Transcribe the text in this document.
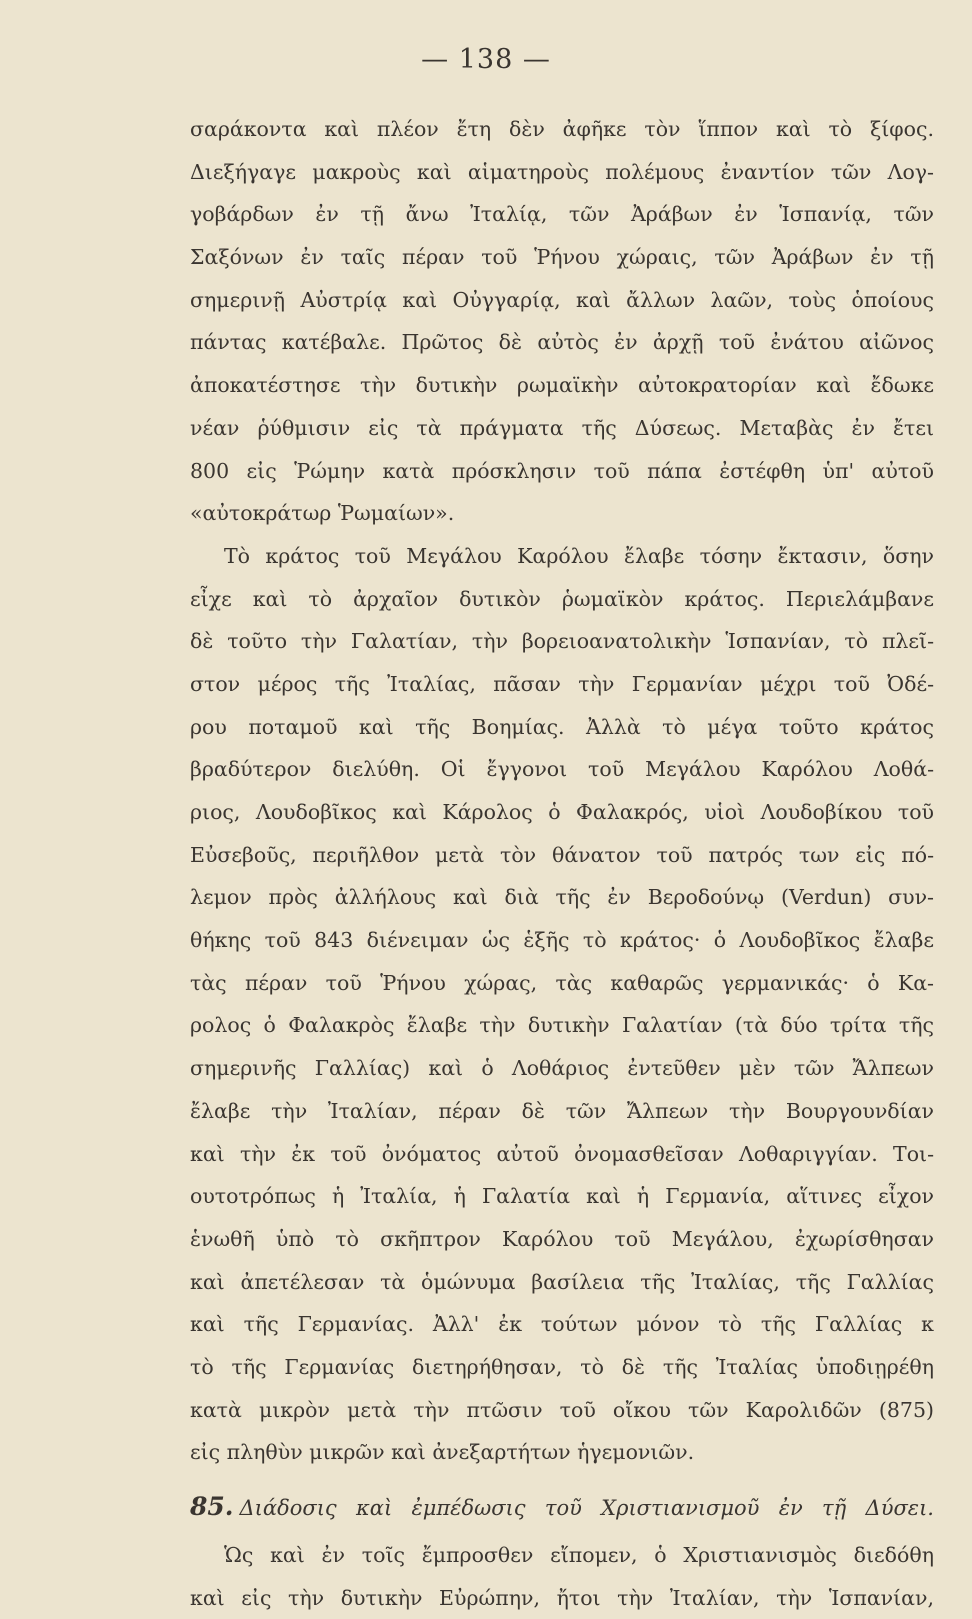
— 138 —
σαράκοντα καὶ πλέον ἔτη δὲν ἀφῆκε τὸν ἵππον καὶ τὸ ξίφος.
Διεξήγαγε μακροὺς καὶ αἱματηροὺς πολέμους ἐναντίον τῶν Λογ-
γοβάρδων ἐν τῇ ἄνω Ἰταλίᾳ, τῶν Ἀράβων ἐν Ἱσπανίᾳ, τῶν
Σαξόνων ἐν ταῖς πέραν τοῦ Ῥήνου χώραις, τῶν Ἀράβων ἐν τῇ
σημερινῇ Αὐστρίᾳ καὶ Οὐγγαρίᾳ, καὶ ἄλλων λαῶν, τοὺς ὁποίους
πάντας κατέβαλε. Πρῶτος δὲ αὐτὸς ἐν ἀρχῇ τοῦ ἐνάτου αἰῶνος
ἀποκατέστησε τὴν δυτικὴν ρωμαϊκὴν αὐτοκρατορίαν καὶ ἔδωκε
νέαν ῥύθμισιν εἰς τὰ πράγματα τῆς Δύσεως. Μεταβὰς ἐν ἔτει
800 εἰς Ῥώμην κατὰ πρόσκλησιν τοῦ πάπα ἐστέφθη ὑπ' αὐτοῦ
«αὐτοκράτωρ Ῥωμαίων».
Τὸ κράτος τοῦ Μεγάλου Καρόλου ἔλαβε τόσην ἔκτασιν, ὅσην
εἶχε καὶ τὸ ἀρχαῖον δυτικὸν ῥωμαϊκὸν κράτος. Περιελάμβανε
δὲ τοῦτο τὴν Γαλατίαν, τὴν βορειοανατολικὴν Ἱσπανίαν, τὸ πλεῖ-
στον μέρος τῆς Ἰταλίας, πᾶσαν τὴν Γερμανίαν μέχρι τοῦ Ὀδέ-
ρου ποταμοῦ καὶ τῆς Βοημίας. Ἀλλὰ τὸ μέγα τοῦτο κράτος
βραδύτερον διελύθη. Οἱ ἔγγονοι τοῦ Μεγάλου Καρόλου Λοθά-
ριος, Λουδοβῖκος καὶ Κάρολος ὁ Φαλακρός, υἱοὶ Λουδοβίκου τοῦ
Εὐσεβοῦς, περιῆλθον μετὰ τὸν θάνατον τοῦ πατρός των εἰς πό-
λεμον πρὸς ἀλλήλους καὶ διὰ τῆς ἐν Βεροδούνῳ (Verdun) συν-
θήκης τοῦ 843 διένειμαν ὡς ἑξῆς τὸ κράτος· ὁ Λουδοβῖκος ἔλαβε
τὰς πέραν τοῦ Ῥήνου χώρας, τὰς καθαρῶς γερμανικάς· ὁ Κα-
ρολος ὁ Φαλακρὸς ἔλαβε τὴν δυτικὴν Γαλατίαν (τὰ δύο τρίτα τῆς
σημερινῆς Γαλλίας) καὶ ὁ Λοθάριος ἐντεῦθεν μὲν τῶν Ἄλπεων
ἔλαβε τὴν Ἰταλίαν, πέραν δὲ τῶν Ἄλπεων τὴν Βουργουνδίαν
καὶ τὴν ἐκ τοῦ ὀνόματος αὐτοῦ ὀνομασθεῖσαν Λοθαριγγίαν. Τοι-
ουτοτρόπως ἡ Ἰταλία, ἡ Γαλατία καὶ ἡ Γερμανία, αἵτινες εἶχον
ἑνωθῆ ὑπὸ τὸ σκῆπτρον Καρόλου τοῦ Μεγάλου, ἐχωρίσθησαν
καὶ ἀπετέλεσαν τὰ ὁμώνυμα βασίλεια τῆς Ἰταλίας, τῆς Γαλλίας
καὶ τῆς Γερμανίας. Ἀλλ' ἐκ τούτων μόνον τὸ τῆς Γαλλίας κ
τὸ τῆς Γερμανίας διετηρήθησαν, τὸ δὲ τῆς Ἰταλίας ὑποδιῃρέθη
κατὰ μικρὸν μετὰ τὴν πτῶσιν τοῦ οἴκου τῶν Καρολιδῶν (875)
εἰς πληθὺν μικρῶν καὶ ἀνεξαρτήτων ἡγεμονιῶν.
85. Διάδοσις καὶ ἐμπέδωσις τοῦ Χριστιανισμοῦ ἐν τῇ Δύσει.
Ὡς καὶ ἐν τοῖς ἔμπροσθεν εἴπομεν, ὁ Χριστιανισμὸς διεδόθη
καὶ εἰς τὴν δυτικὴν Εὐρώπην, ἤτοι τὴν Ἰταλίαν, τὴν Ἱσπανίαν,
